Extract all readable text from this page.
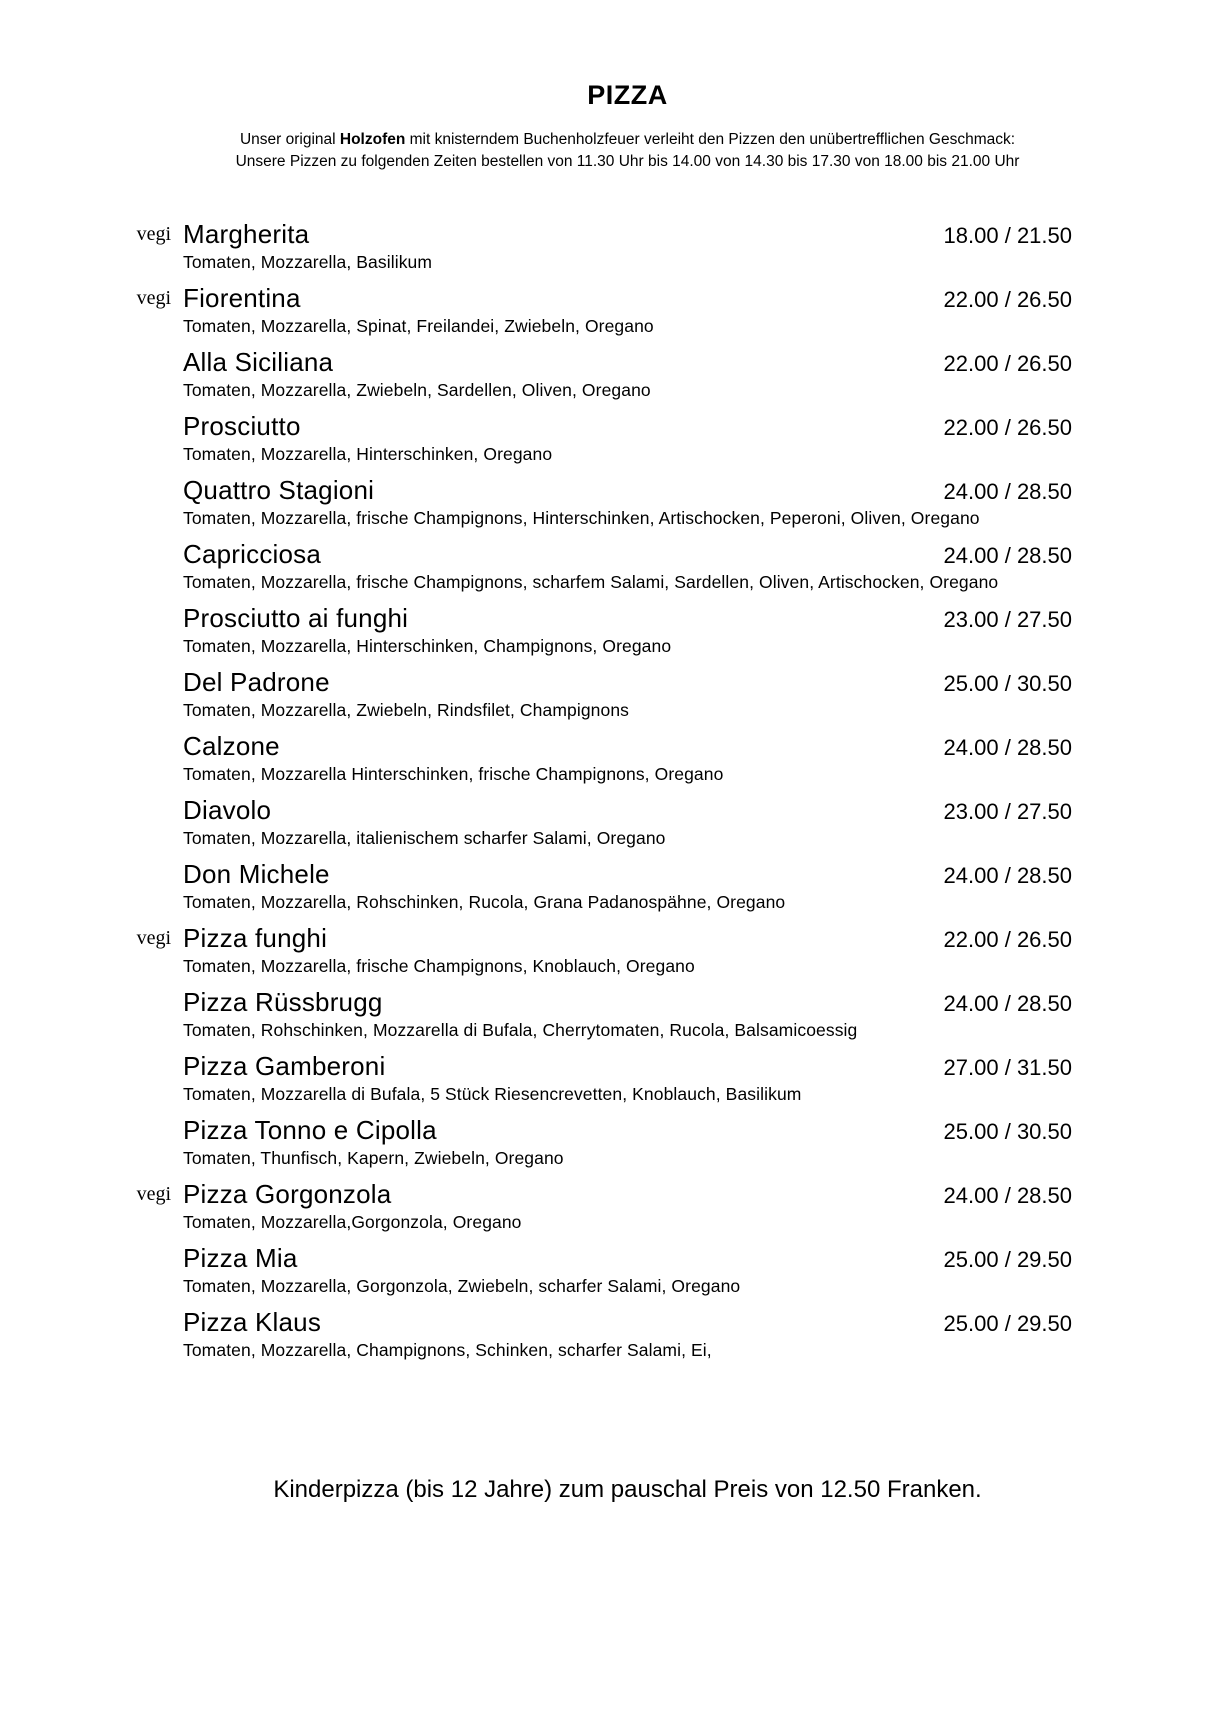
PIZZA
Unser original Holzofen mit knisterndem Buchenholzfeuer verleiht den Pizzen den unübertrefflichen Geschmack:
Unsere Pizzen zu folgenden Zeiten bestellen von 11.30 Uhr bis 14.00 von 14.30 bis 17.30 von 18.00 bis 21.00 Uhr
vegi Margherita	18.00 / 21.50
Tomaten, Mozzarella, Basilikum
vegi Fiorentina	22.00 / 26.50
Tomaten, Mozzarella, Spinat, Freilandei, Zwiebeln, Oregano
Alla Siciliana	22.00 / 26.50
Tomaten, Mozzarella, Zwiebeln, Sardellen, Oliven, Oregano
Prosciutto	22.00 / 26.50
Tomaten, Mozzarella, Hinterschinken, Oregano
Quattro Stagioni	24.00 / 28.50
Tomaten, Mozzarella, frische Champignons, Hinterschinken, Artischocken, Peperoni, Oliven, Oregano
Capricciosa	24.00 / 28.50
Tomaten, Mozzarella, frische Champignons, scharfem Salami, Sardellen, Oliven, Artischocken, Oregano
Prosciutto ai funghi	23.00 / 27.50
Tomaten, Mozzarella, Hinterschinken, Champignons, Oregano
Del Padrone	25.00 / 30.50
Tomaten, Mozzarella, Zwiebeln, Rindsfilet, Champignons
Calzone	24.00 / 28.50
Tomaten, Mozzarella Hinterschinken, frische Champignons, Oregano
Diavolo	23.00 / 27.50
Tomaten, Mozzarella, italienischem scharfer Salami, Oregano
Don Michele	24.00 / 28.50
Tomaten, Mozzarella, Rohschinken, Rucola, Grana Padanospähne, Oregano
vegi Pizza funghi	22.00 / 26.50
Tomaten, Mozzarella, frische Champignons, Knoblauch, Oregano
Pizza Rüssbrugg	24.00 / 28.50
Tomaten, Rohschinken, Mozzarella di Bufala, Cherrytomaten, Rucola, Balsamicoessig
Pizza Gamberoni	27.00 / 31.50
Tomaten, Mozzarella di Bufala, 5 Stück Riesencrevetten, Knoblauch, Basilikum
Pizza Tonno e Cipolla	25.00 / 30.50
Tomaten, Thunfisch, Kapern, Zwiebeln, Oregano
vegi Pizza Gorgonzola	24.00 / 28.50
Tomaten, Mozzarella,Gorgonzola, Oregano
Pizza Mia	25.00 / 29.50
Tomaten, Mozzarella, Gorgonzola, Zwiebeln, scharfer Salami, Oregano
Pizza Klaus	25.00 / 29.50
Tomaten, Mozzarella, Champignons, Schinken, scharfer Salami, Ei,
Kinderpizza (bis 12 Jahre) zum pauschal Preis von 12.50 Franken.
